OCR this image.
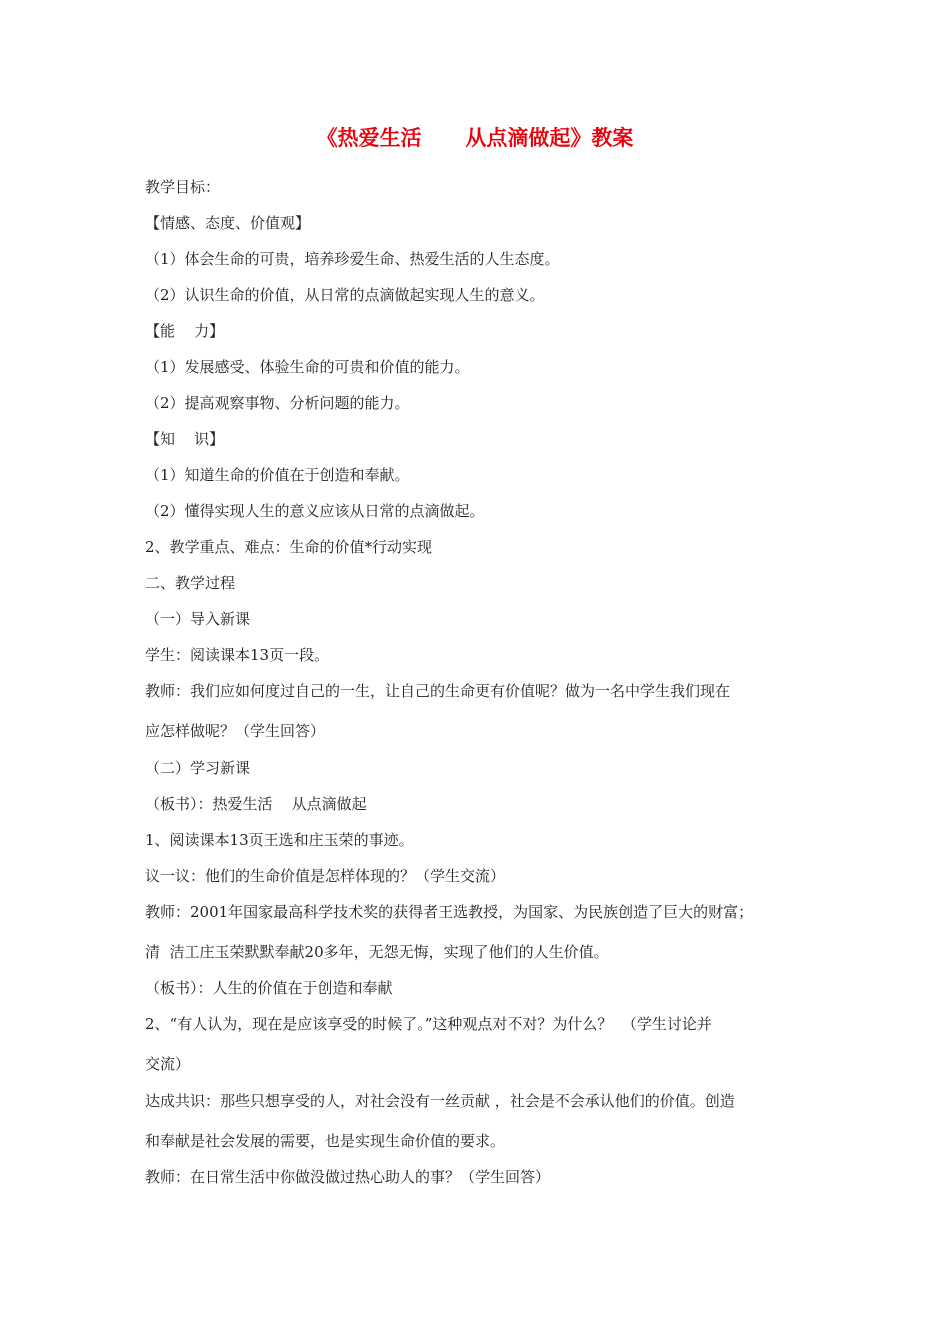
《热爱生活      从点滴做起》教案
教学目标：
【情感、态度、价值观】
（1）体会生命的可贵，培养珍爱生命、热爱生活的人生态度。
（2）认识生命的价值，从日常的点滴做起实现人生的意义。
【能    力】
（1）发展感受、体验生命的可贵和价值的能力。
（2）提高观察事物、分析问题的能力。
【知    识】
（1）知道生命的价值在于创造和奉献。
（2）懂得实现人生的意义应该从日常的点滴做起。
2、教学重点、难点：生命的价值*行动实现
二、教学过程
（一）导入新课
学生：阅读课本13页一段。
教师：我们应如何度过自己的一生，让自己的生命更有价值呢？做为一名中学生我们现在
应怎样做呢？（学生回答）
（二）学习新课
（板书）：热爱生活    从点滴做起
1、阅读课本13页王选和庄玉荣的事迹。
议一议：他们的生命价值是怎样体现的？（学生交流）
教师：2001年国家最高科学技术奖的获得者王选教授，为国家、为民族创造了巨大的财富；
清  洁工庄玉荣默默奉献20多年，无怨无悔，实现了他们的人生价值。
（板书）：人生的价值在于创造和奉献
2、“有人认为，现在是应该享受的时候了。”这种观点对不对？为什么？  （学生讨论并
交流）
达成共识：那些只想享受的人，对社会没有一丝贡献 ，社会是不会承认他们的价值。创造
和奉献是社会发展的需要，也是实现生命价值的要求。
教师：在日常生活中你做没做过热心助人的事？（学生回答）
